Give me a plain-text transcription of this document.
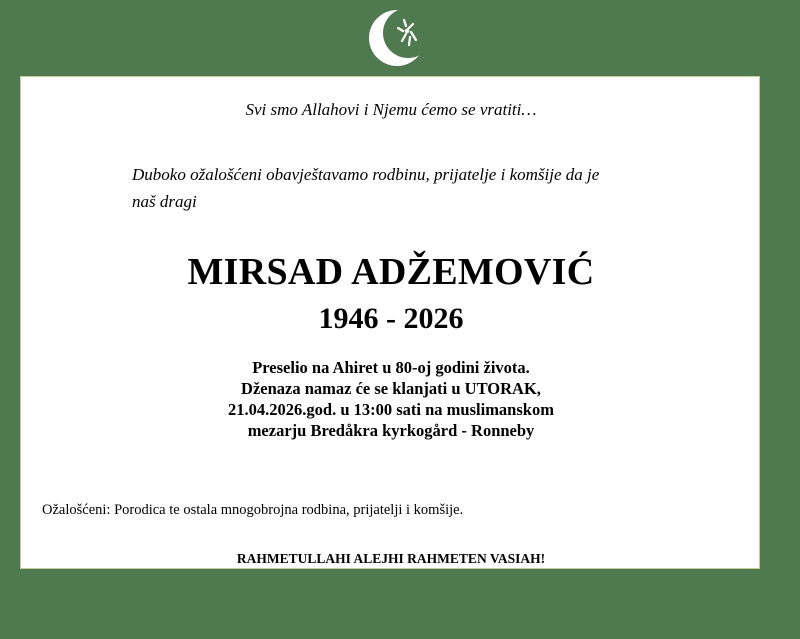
Svi smo Allahovi i Njemu ćemo se vratiti…
Duboko ožalošćeni obavještavamo rodbinu, prijatelje i komšije da je
naš dragi
MIRSAD ADŽEMOVIĆ
1946 - 2026
Preselio na Ahiret u 80-oj godini života.
Dženaza namaz će se klanjati u UTORAK,
21.04.2026.god. u 13:00 sati na muslimanskom
mezarju Bredåkra kyrkogård - Ronneby
Ožalošćeni: Porodica te ostala mnogobrojna rodbina, prijatelji i komšije.
RAHMETULLAHI ALEJHI RAHMETEN VASIAH!
